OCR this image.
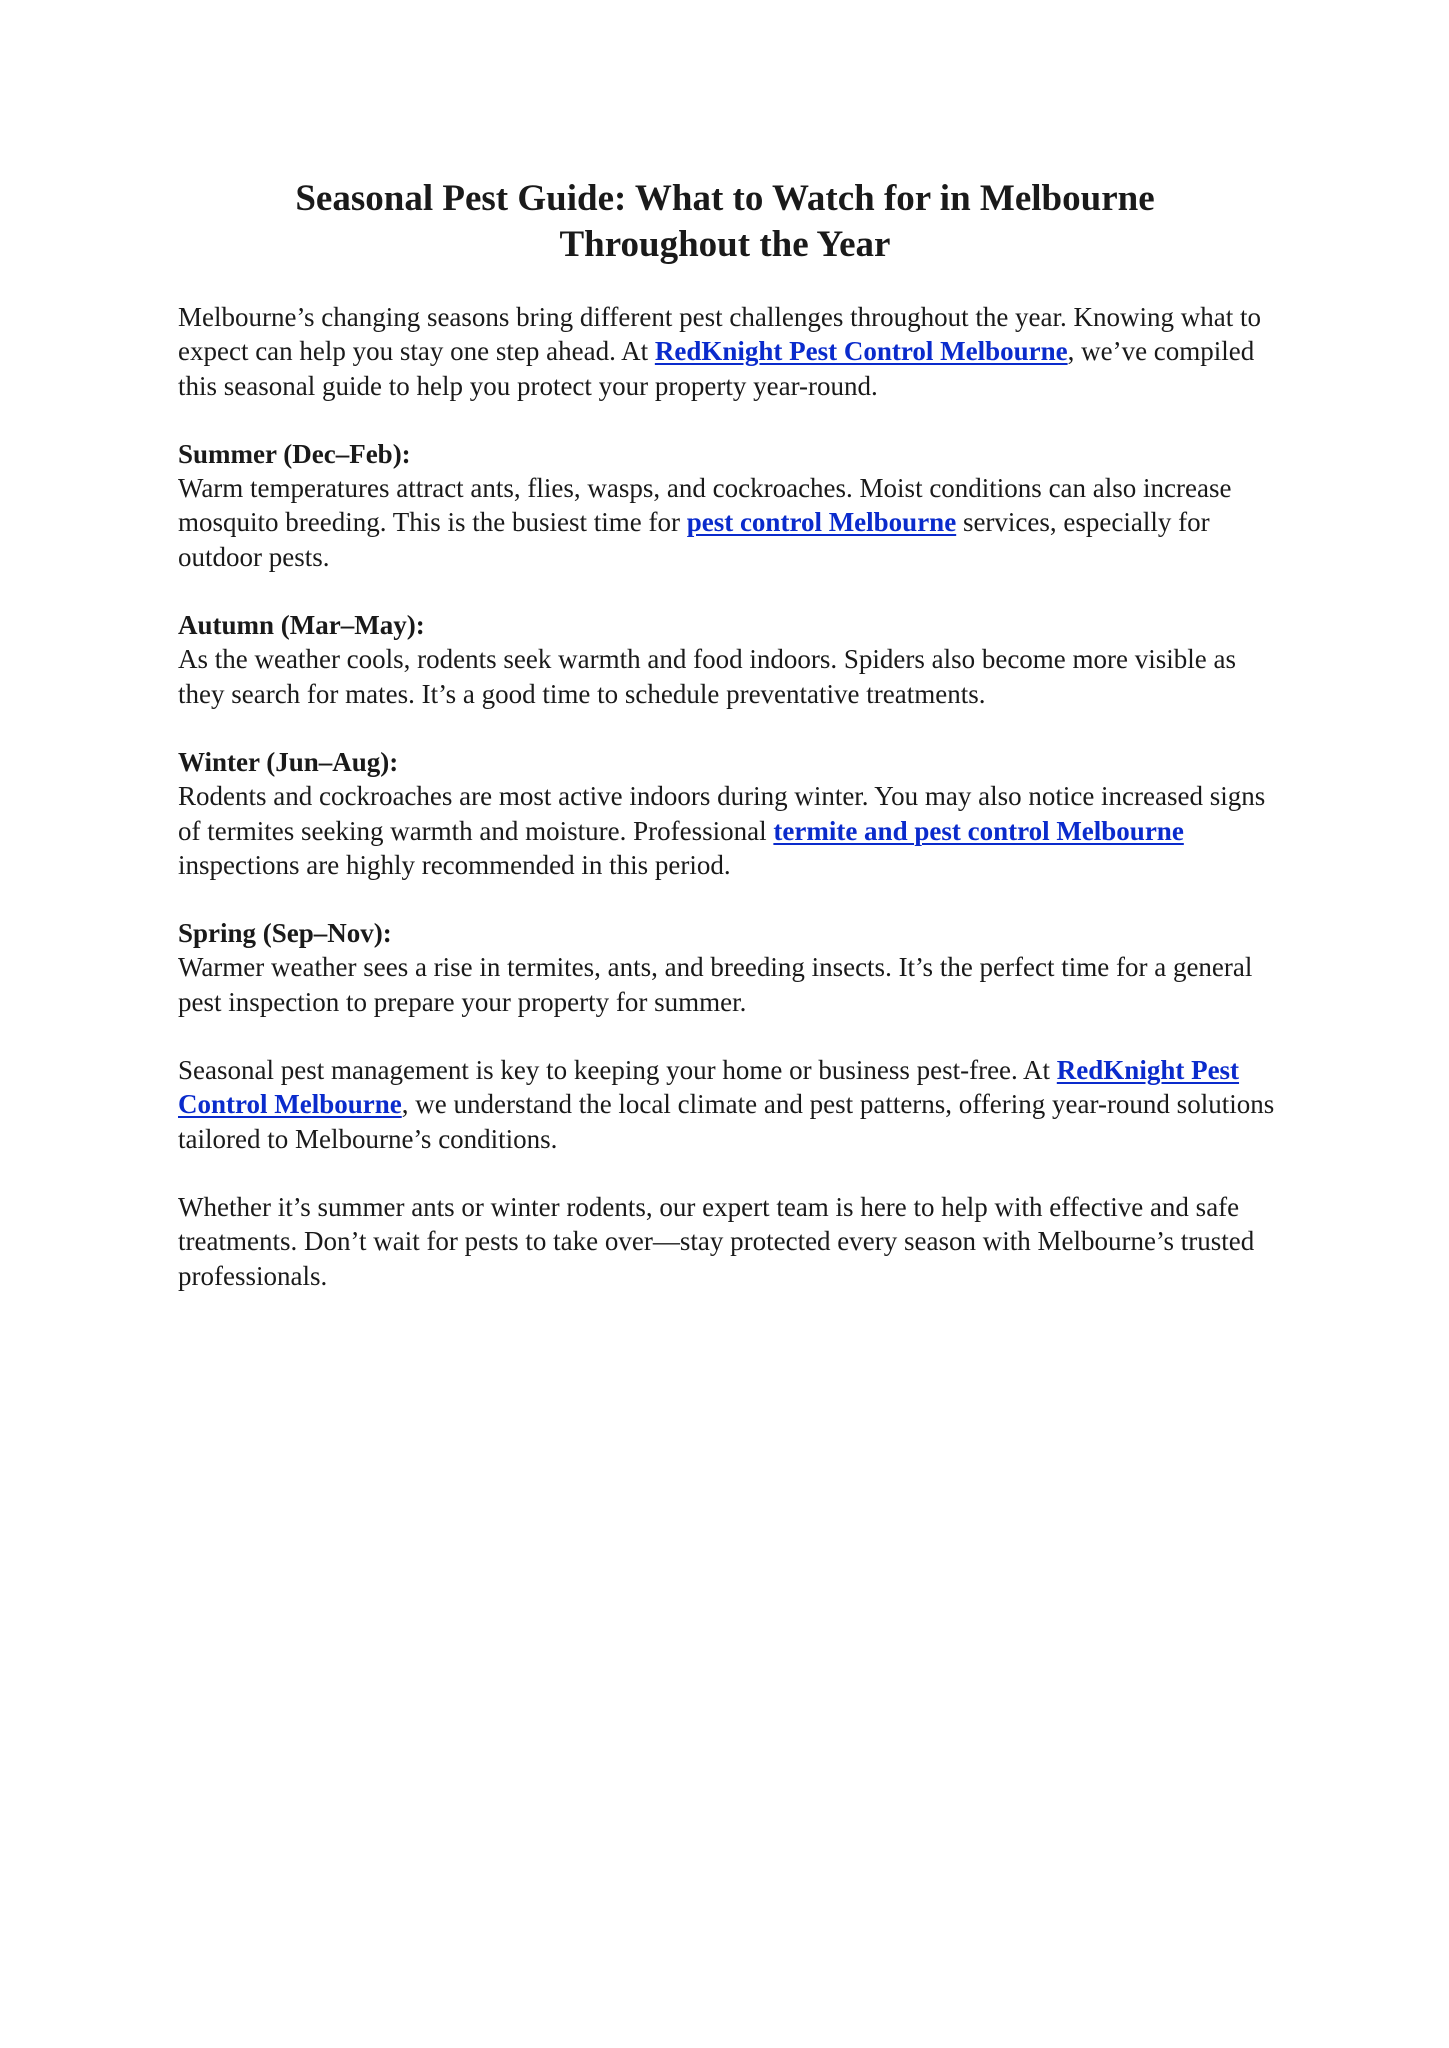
Seasonal Pest Guide: What to Watch for in Melbourne
Throughout the Year

Melbourne’s changing seasons bring different pest challenges throughout the year. Knowing what to expect can help you stay one step ahead. At RedKnight Pest Control Melbourne, we’ve compiled this seasonal guide to help you protect your property year-round.

Summer (Dec–Feb):
Warm temperatures attract ants, flies, wasps, and cockroaches. Moist conditions can also increase mosquito breeding. This is the busiest time for pest control Melbourne services, especially for outdoor pests.

Autumn (Mar–May):
As the weather cools, rodents seek warmth and food indoors. Spiders also become more visible as they search for mates. It’s a good time to schedule preventative treatments.

Winter (Jun–Aug):
Rodents and cockroaches are most active indoors during winter. You may also notice increased signs of termites seeking warmth and moisture. Professional termite and pest control Melbourne inspections are highly recommended in this period.

Spring (Sep–Nov):
Warmer weather sees a rise in termites, ants, and breeding insects. It’s the perfect time for a general pest inspection to prepare your property for summer.

Seasonal pest management is key to keeping your home or business pest-free. At RedKnight Pest Control Melbourne, we understand the local climate and pest patterns, offering year-round solutions tailored to Melbourne’s conditions.

Whether it’s summer ants or winter rodents, our expert team is here to help with effective and safe treatments. Don’t wait for pests to take over—stay protected every season with Melbourne’s trusted professionals.
